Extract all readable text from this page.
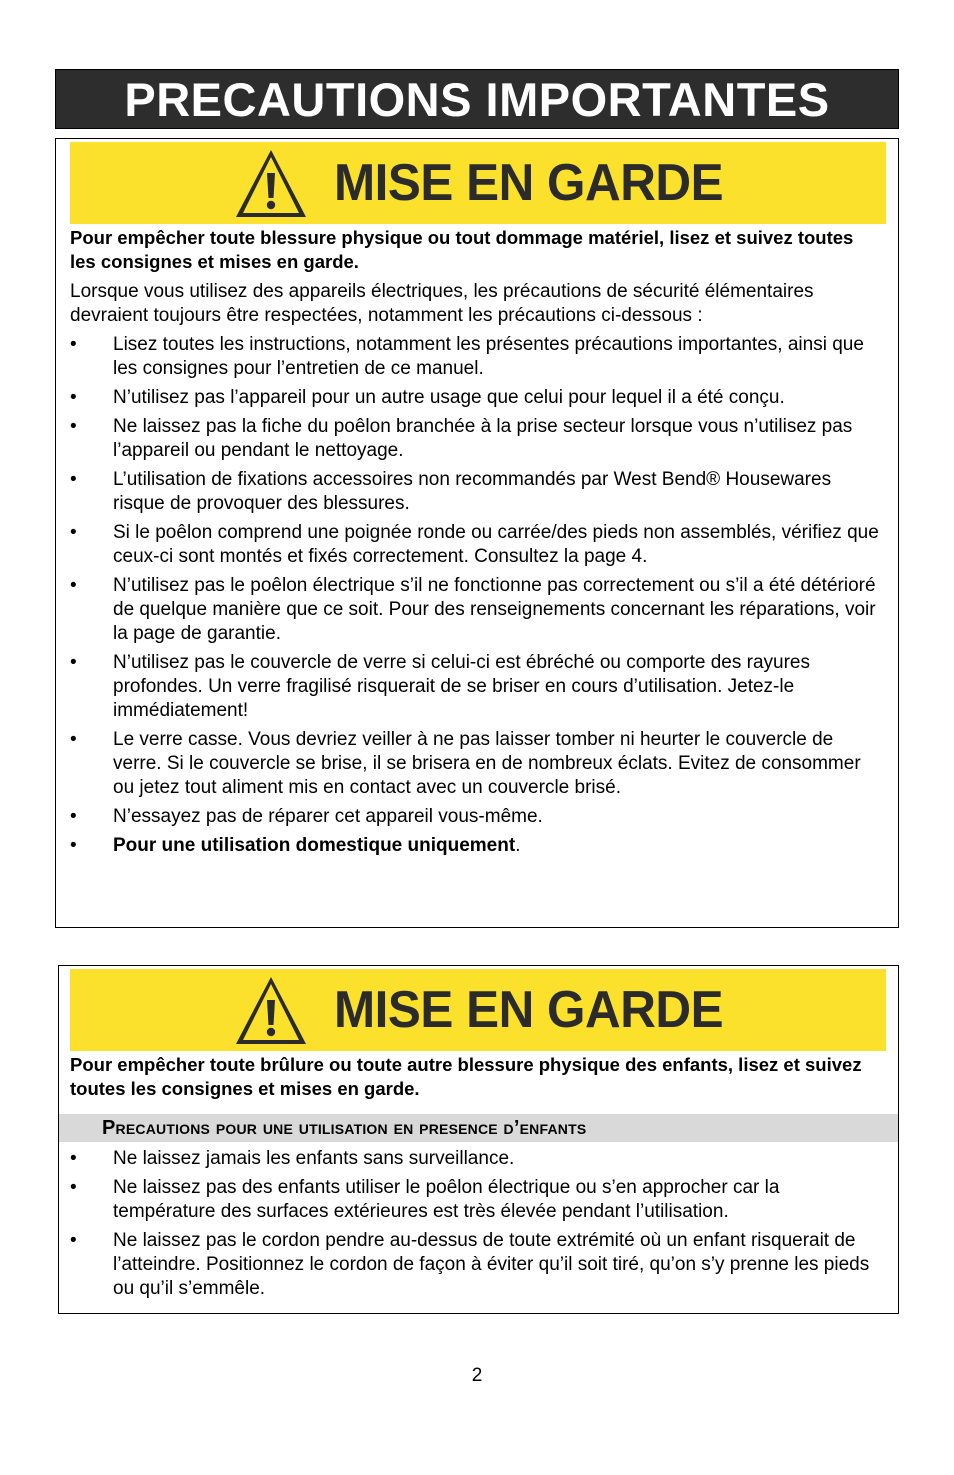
PRECAUTIONS IMPORTANTES
MISE EN GARDE

Pour empêcher toute blessure physique ou tout dommage matériel, lisez et suivez toutes les consignes et mises en garde.

Lorsque vous utilisez des appareils électriques, les précautions de sécurité élémentaires devraient toujours être respectées, notamment les précautions ci-dessous :

• Lisez toutes les instructions, notamment les présentes précautions importantes, ainsi que les consignes pour l’entretien de ce manuel.
• N’utilisez pas l’appareil pour un autre usage que celui pour lequel il a été conçu.
• Ne laissez pas la fiche du poêlon branchée à la prise secteur lorsque vous n’utilisez pas l’appareil ou pendant le nettoyage.
• L’utilisation de fixations accessoires non recommandés par West Bend® Housewares risque de provoquer des blessures.
• Si le poêlon comprend une poignée ronde ou carrée/des pieds non assemblés, vérifiez que ceux-ci sont montés et fixés correctement. Consultez la page 4.
• N’utilisez pas le poêlon électrique s’il ne fonctionne pas correctement ou s’il a été détérioré de quelque manière que ce soit. Pour des renseignements concernant les réparations, voir la page de garantie.
• N’utilisez pas le couvercle de verre si celui-ci est ébréché ou comporte des rayures profondes. Un verre fragilisé risquerait de se briser en cours d’utilisation. Jetez-le immédiatement!
• Le verre casse. Vous devriez veiller à ne pas laisser tomber ni heurter le couvercle de verre. Si le couvercle se brise, il se brisera en de nombreux éclats. Evitez de consommer ou jetez tout aliment mis en contact avec un couvercle brisé.
• N’essayez pas de réparer cet appareil vous-même.
• Pour une utilisation domestique uniquement.
MISE EN GARDE

Pour empêcher toute brûlure ou toute autre blessure physique des enfants, lisez et suivez toutes les consignes et mises en garde.

Precautions pour une utilisation en presence d’enfants
• Ne laissez jamais les enfants sans surveillance.
• Ne laissez pas des enfants utiliser le poêlon électrique ou s’en approcher car la température des surfaces extérieures est très élevée pendant l’utilisation.
• Ne laissez pas le cordon pendre au-dessus de toute extrémité où un enfant risquerait de l’atteindre. Positionnez le cordon de façon à éviter qu’il soit tiré, qu’on s’y prenne les pieds ou qu’il s’emmêle.
2
